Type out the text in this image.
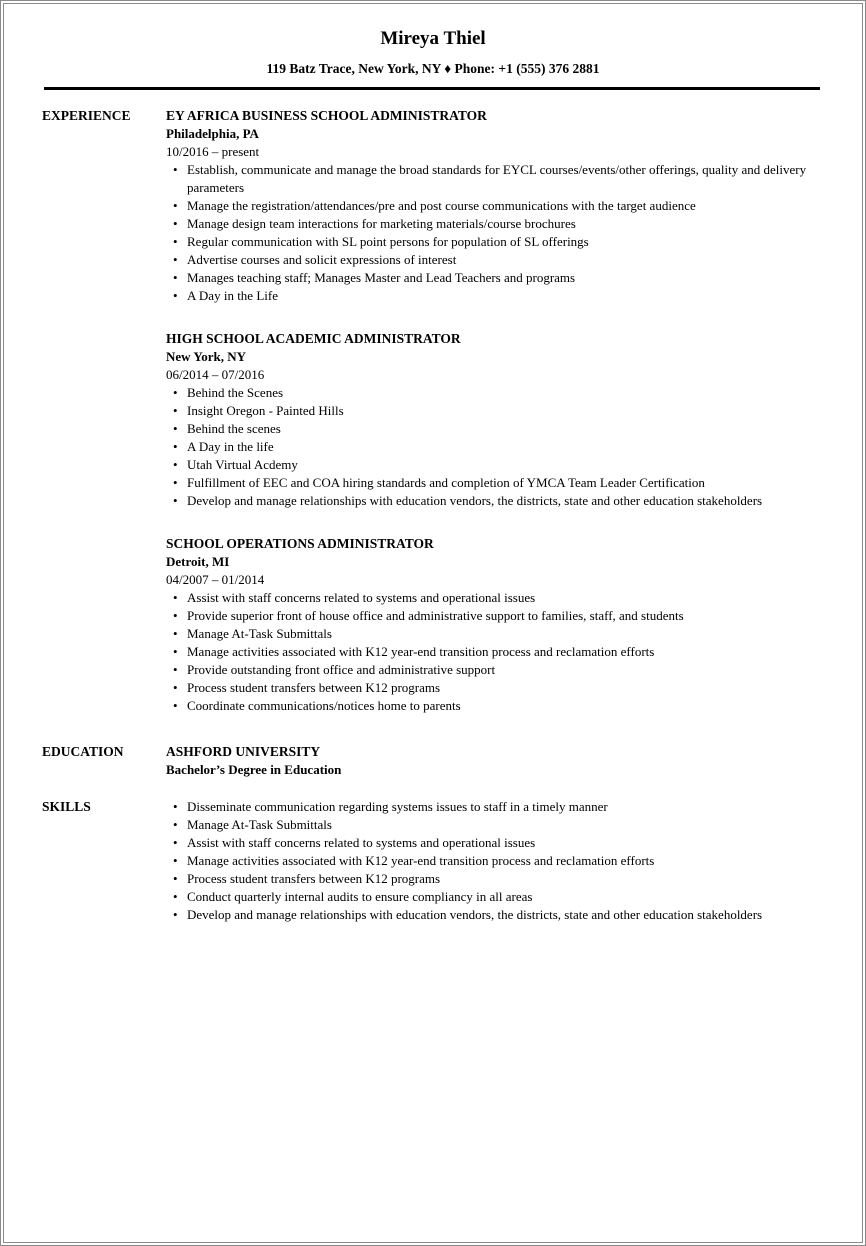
Mireya Thiel
119 Batz Trace, New York, NY ♦ Phone: +1 (555) 376 2881
EXPERIENCE	EY AFRICA BUSINESS SCHOOL ADMINISTRATOR
Philadelphia, PA
10/2016 – present
• Establish, communicate and manage the broad standards for EYCL courses/events/other offerings, quality and delivery parameters
• Manage the registration/attendances/pre and post course communications with the target audience
• Manage design team interactions for marketing materials/course brochures
• Regular communication with SL point persons for population of SL offerings
• Advertise courses and solicit expressions of interest
• Manages teaching staff; Manages Master and Lead Teachers and programs
• A Day in the Life
HIGH SCHOOL ACADEMIC ADMINISTRATOR
New York, NY
06/2014 – 07/2016
• Behind the Scenes
• Insight Oregon - Painted Hills
• Behind the scenes
• A Day in the life
• Utah Virtual Acdemy
• Fulfillment of EEC and COA hiring standards and completion of YMCA Team Leader Certification
• Develop and manage relationships with education vendors, the districts, state and other education stakeholders
SCHOOL OPERATIONS ADMINISTRATOR
Detroit, MI
04/2007 – 01/2014
• Assist with staff concerns related to systems and operational issues
• Provide superior front of house office and administrative support to families, staff, and students
• Manage At-Task Submittals
• Manage activities associated with K12 year-end transition process and reclamation efforts
• Provide outstanding front office and administrative support
• Process student transfers between K12 programs
• Coordinate communications/notices home to parents
EDUCATION	ASHFORD UNIVERSITY
Bachelor’s Degree in Education
SKILLS	• Disseminate communication regarding systems issues to staff in a timely manner
• Manage At-Task Submittals
• Assist with staff concerns related to systems and operational issues
• Manage activities associated with K12 year-end transition process and reclamation efforts
• Process student transfers between K12 programs
• Conduct quarterly internal audits to ensure compliancy in all areas
• Develop and manage relationships with education vendors, the districts, state and other education stakeholders
